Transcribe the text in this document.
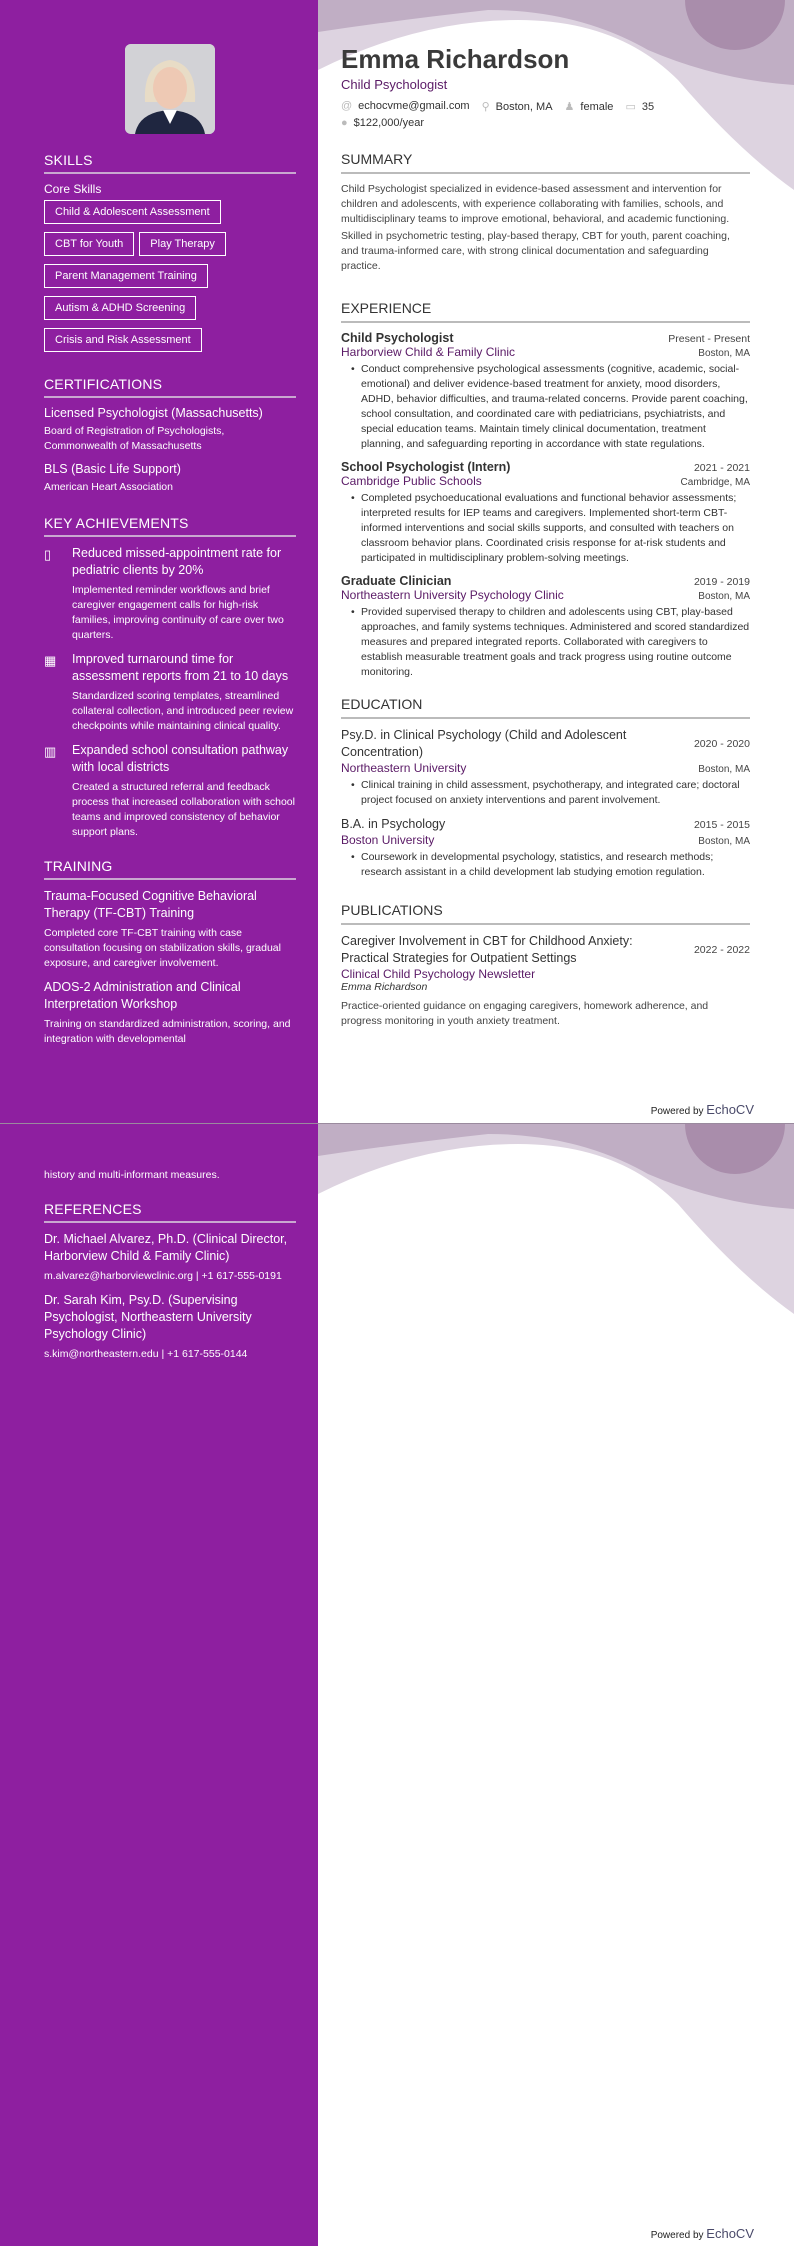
SKILLS
Core Skills
Child & Adolescent Assessment
CBT for Youth Play Therapy
Parent Management Training
Autism & ADHD Screening
Crisis and Risk Assessment
CERTIFICATIONS
Licensed Psychologist (Massachusetts)
Board of Registration of Psychologists, Commonwealth of Massachusetts
BLS (Basic Life Support)
American Heart Association
KEY ACHIEVEMENTS
▯	Reduced missed-appointment rate for pediatric clients by 20%
Implemented reminder workflows and brief caregiver engagement calls for high-risk families, improving continuity of care over two quarters.
▦	Improved turnaround time for assessment reports from 21 to 10 days
Standardized scoring templates, streamlined collateral collection, and introduced peer review checkpoints while maintaining clinical quality.
▥	Expanded school consultation pathway with local districts
Created a structured referral and feedback process that increased collaboration with school teams and improved consistency of behavior support plans.
TRAINING
Trauma-Focused Cognitive Behavioral Therapy (TF-CBT) Training
Completed core TF-CBT training with case consultation focusing on stabilization skills, gradual exposure, and caregiver involvement.
ADOS-2 Administration and Clinical Interpretation Workshop
Training on standardized administration, scoring, and integration with developmental
Emma Richardson
Child Psychologist
@ echocvme@gmail.com ⚲ Boston, MA ♟ female ▭ 35
● $122,000/year
SUMMARY
Child Psychologist specialized in evidence-based assessment and intervention for children and adolescents, with experience collaborating with families, schools, and multidisciplinary teams to improve emotional, behavioral, and academic functioning.
Skilled in psychometric testing, play-based therapy, CBT for youth, parent coaching, and trauma-informed care, with strong clinical documentation and safeguarding practice.
EXPERIENCE
Child Psychologist	Present - Present
Harborview Child & Family Clinic	Boston, MA
• Conduct comprehensive psychological assessments (cognitive, academic, social-emotional) and deliver evidence-based treatment for anxiety, mood disorders, ADHD, behavior difficulties, and trauma-related concerns. Provide parent coaching, school consultation, and coordinated care with pediatricians, psychiatrists, and special education teams. Maintain timely clinical documentation, treatment planning, and safeguarding reporting in accordance with state regulations.
School Psychologist (Intern)	2021 - 2021
Cambridge Public Schools	Cambridge, MA
• Completed psychoeducational evaluations and functional behavior assessments; interpreted results for IEP teams and caregivers. Implemented short-term CBT-informed interventions and social skills supports, and consulted with teachers on classroom behavior plans. Coordinated crisis response for at-risk students and participated in multidisciplinary problem-solving meetings.
Graduate Clinician	2019 - 2019
Northeastern University Psychology Clinic	Boston, MA
• Provided supervised therapy to children and adolescents using CBT, play-based approaches, and family systems techniques. Administered and scored standardized measures and prepared integrated reports. Collaborated with caregivers to establish measurable treatment goals and track progress using routine outcome monitoring.
EDUCATION
Psy.D. in Clinical Psychology (Child and Adolescent Concentration)
2020 - 2020
Northeastern University	Boston, MA
• Clinical training in child assessment, psychotherapy, and integrated care; doctoral project focused on anxiety interventions and parent involvement.
B.A. in Psychology	2015 - 2015
Boston University	Boston, MA
• Coursework in developmental psychology, statistics, and research methods; research assistant in a child development lab studying emotion regulation.
PUBLICATIONS
Caregiver Involvement in CBT for Childhood Anxiety: Practical Strategies for Outpatient Settings
2022 - 2022
Clinical Child Psychology Newsletter
Emma Richardson
Practice-oriented guidance on engaging caregivers, homework adherence, and progress monitoring in youth anxiety treatment.
Powered by EchoCV
history and multi-informant measures.
REFERENCES
Dr. Michael Alvarez, Ph.D. (Clinical Director, Harborview Child & Family Clinic)
m.alvarez@harborviewclinic.org | +1 617-555-0191
Dr. Sarah Kim, Psy.D. (Supervising Psychologist, Northeastern University Psychology Clinic)
s.kim@northeastern.edu | +1 617-555-0144
Powered by EchoCV
